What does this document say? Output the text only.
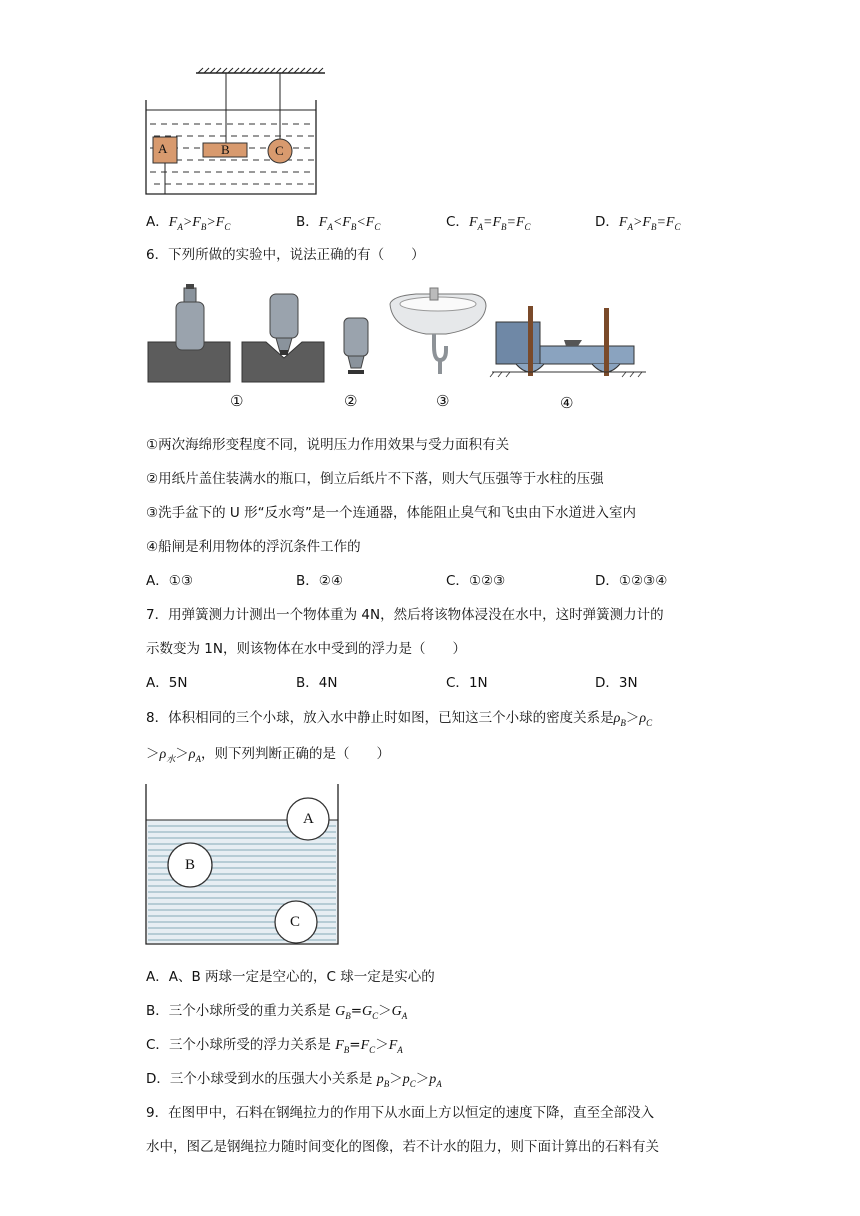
A	B	C
A．$F_A>F_B>F_C$	B．$F_A<F_B<F_C$	C．$F_A=F_B=F_C$	D．$F_A>F_B=F_C$
6．下列所做的实验中，说法正确的有（　　）
①	②	③	④
①两次海绵形变程度不同，说明压力作用效果与受力面积有关
②用纸片盖住装满水的瓶口，倒立后纸片不下落，则大气压强等于水柱的压强
③洗手盆下的 U 形“反水弯”是一个连通器，体能阻止臭气和飞虫由下水道进入室内
④船闸是利用物体的浮沉条件工作的
A．①③	B．②④	C．①②③	D．①②③④
7．用弹簧测力计测出一个物体重为 4N，然后将该物体浸没在水中，这时弹簧测力计的
示数变为 1N，则该物体在水中受到的浮力是（　　）
A．5N	B．4N	C．1N	D．3N
8．体积相同的三个小球，放入水中静止时如图，已知这三个小球的密度关系是$\rho_B>\rho_C$
$>\rho_水>\rho_A$，则下列判断正确的是（　　）
A
B
C
A．A、B 两球一定是空心的，C 球一定是实心的
B．三个小球所受的重力关系是 $G_B=G_C>G_A$
C．三个小球所受的浮力关系是 $F_B=F_C>F_A$
D．三个小球受到水的压强大小关系是 $p_B>p_C>p_A$
9．在图甲中，石料在钢绳拉力的作用下从水面上方以恒定的速度下降，直至全部没入
水中，图乙是钢绳拉力随时间变化的图像，若不计水的阻力，则下面计算出的石料有关
